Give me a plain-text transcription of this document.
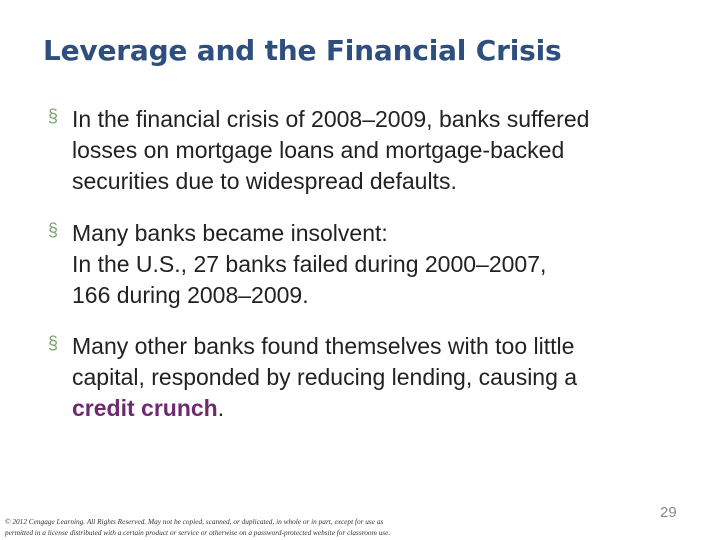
Leverage and the Financial Crisis
§ In the financial crisis of 2008–2009, banks suffered
losses on mortgage loans and mortgage-backed
securities due to widespread defaults.
§ Many banks became insolvent:
In the U.S., 27 banks failed during 2000–2007,
166 during 2008–2009.
§ Many other banks found themselves with too little
capital, responded by reducing lending, causing a
credit crunch.
© 2012 Cengage Learning. All Rights Reserved. May not be copied, scanned, or duplicated, in whole or in part, except for use as
permitted in a license distributed with a certain product or service or otherwise on a password-protected website for classroom use.
29
